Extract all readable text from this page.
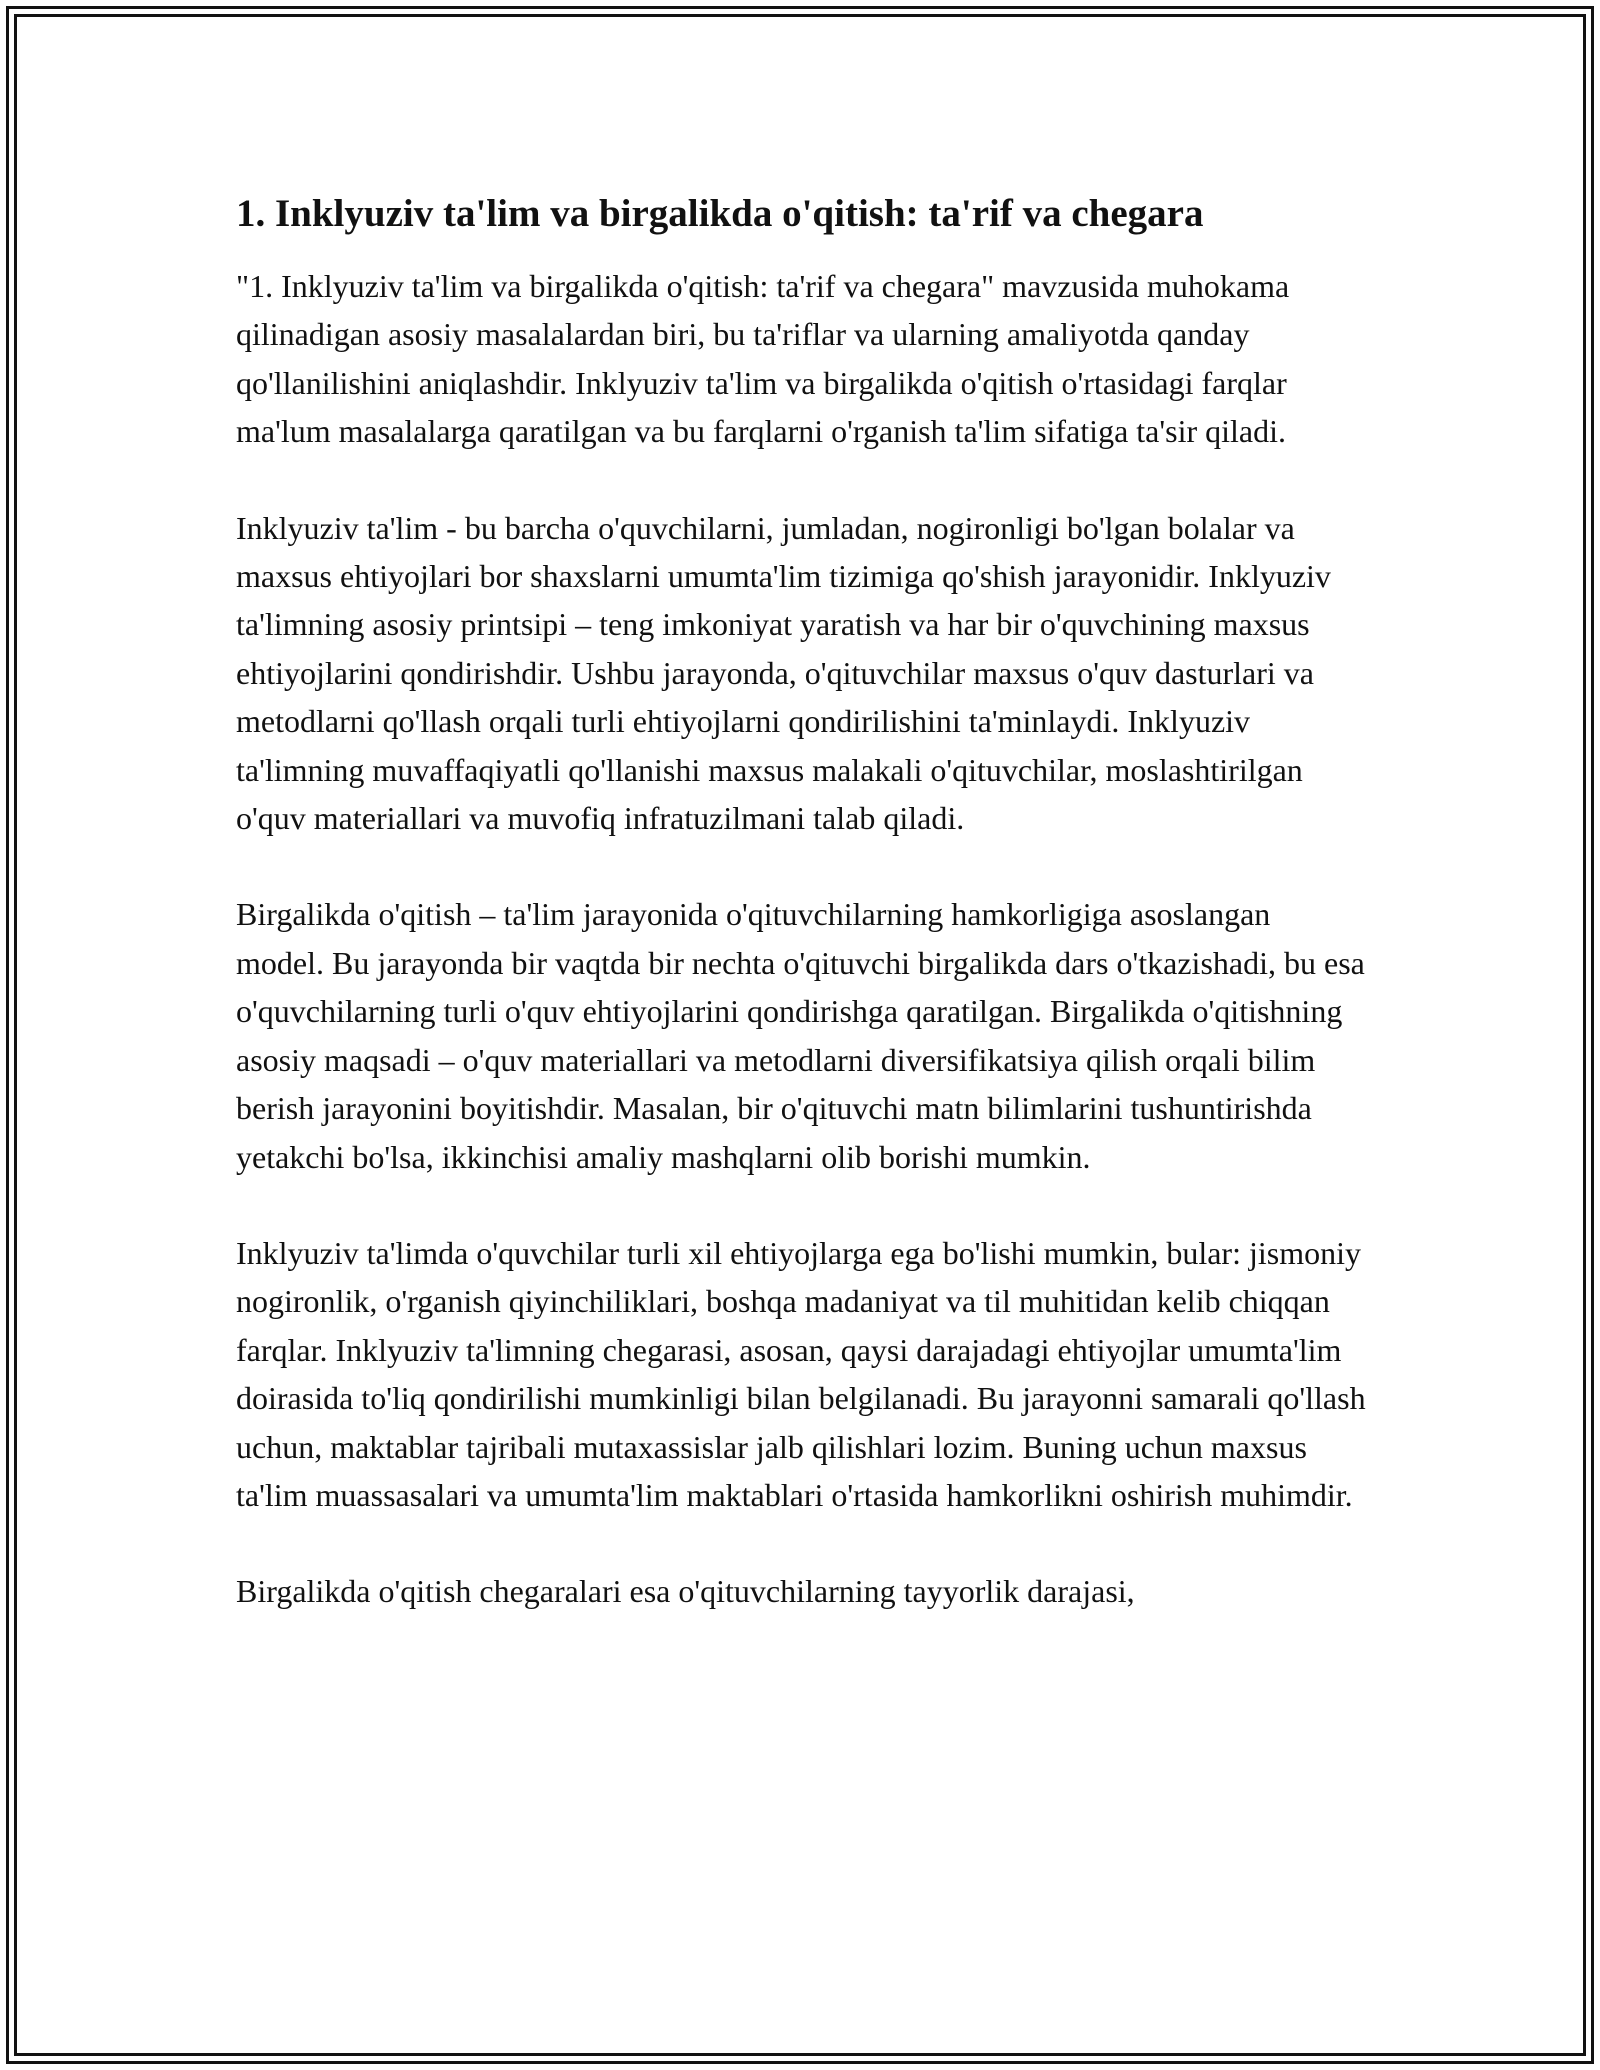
1. Inklyuziv ta'lim va birgalikda o'qitish: ta'rif va chegara

"1. Inklyuziv ta'lim va birgalikda o'qitish: ta'rif va chegara" mavzusida muhokama qilinadigan asosiy masalalardan biri, bu ta'riflar va ularning amaliyotda qanday qo'llanilishini aniqlashdir. Inklyuziv ta'lim va birgalikda o'qitish o'rtasidagi farqlar ma'lum masalalarga qaratilgan va bu farqlarni o'rganish ta'lim sifatiga ta'sir qiladi.

Inklyuziv ta'lim - bu barcha o'quvchilarni, jumladan, nogironligi bo'lgan bolalar va maxsus ehtiyojlari bor shaxslarni umumta'lim tizimiga qo'shish jarayonidir. Inklyuziv ta'limning asosiy printsipi – teng imkoniyat yaratish va har bir o'quvchining maxsus ehtiyojlarini qondirishdir. Ushbu jarayonda, o'qituvchilar maxsus o'quv dasturlari va metodlarni qo'llash orqali turli ehtiyojlarni qondirilishini ta'minlaydi. Inklyuziv ta'limning muvaffaqiyatli qo'llanishi maxsus malakali o'qituvchilar, moslashtirilgan o'quv materiallari va muvofiq infratuzilmani talab qiladi.

Birgalikda o'qitish – ta'lim jarayonida o'qituvchilarning hamkorligiga asoslangan model. Bu jarayonda bir vaqtda bir nechta o'qituvchi birgalikda dars o'tkazishadi, bu esa o'quvchilarning turli o'quv ehtiyojlarini qondirishga qaratilgan. Birgalikda o'qitishning asosiy maqsadi – o'quv materiallari va metodlarni diversifikatsiya qilish orqali bilim berish jarayonini boyitishdir. Masalan, bir o'qituvchi matn bilimlarini tushuntirishda yetakchi bo'lsa, ikkinchisi amaliy mashqlarni olib borishi mumkin.

Inklyuziv ta'limda o'quvchilar turli xil ehtiyojlarga ega bo'lishi mumkin, bular: jismoniy nogironlik, o'rganish qiyinchiliklari, boshqa madaniyat va til muhitidan kelib chiqqan farqlar. Inklyuziv ta'limning chegarasi, asosan, qaysi darajadagi ehtiyojlar umumta'lim doirasida to'liq qondirilishi mumkinligi bilan belgilanadi. Bu jarayonni samarali qo'llash uchun, maktablar tajribali mutaxassislar jalb qilishlari lozim. Buning uchun maxsus ta'lim muassasalari va umumta'lim maktablari o'rtasida hamkorlikni oshirish muhimdir.

Birgalikda o'qitish chegaralari esa o'qituvchilarning tayyorlik darajasi,
